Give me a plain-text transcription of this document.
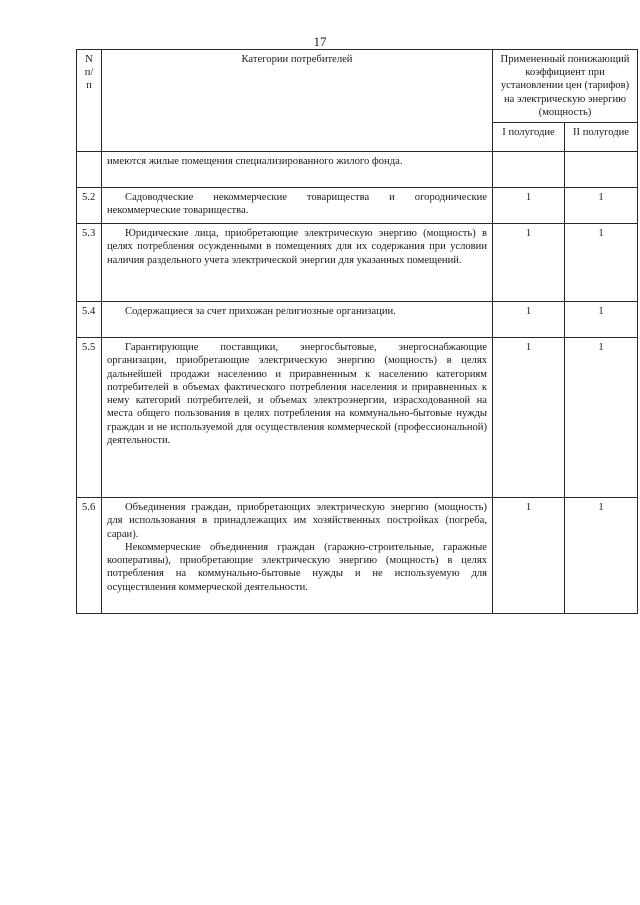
17
N п/п	Категории потребителей	Примененный понижающий коэффициент при установлении цен (тарифов) на электрическую энергию (мощность)	
		I полугодие	II полугодие

	имеются жилые помещения специализированного жилого фонда.		

5.2	Садоводческие некоммерческие товарищества и огороднические некоммерческие товарищества.	1	1
5.3	Юридические лица, приобретающие электрическую энергию (мощность) в целях потребления осужденными в помещениях для их содержания при условии наличия раздельного учета электрической энергии для указанных помещений.	1	1
5.4	Содержащиеся за счет прихожан религиозные организации.	1	1
5.5	Гарантирующие поставщики, энергосбытовые, энергоснабжающие организации, приобретающие электрическую энергию (мощность) в целях дальнейшей продажи населению и приравненным к населению категориям потребителей в объемах фактического потребления населения и приравненных к нему категорий потребителей, и объемах электроэнергии, израсходованной на места общего пользования в целях потребления на коммунально-бытовые нужды граждан и не используемой для осуществления коммерческой (профессиональной) деятельности.	1	1
5.6	Объединения граждан, приобретающих электрическую энергию (мощность) для использования в принадлежащих им хозяйственных постройках (погреба, сараи).

Некоммерческие объединения граждан (гаражно-строительные, гаражные кооперативы), приобретающие электрическую энергию (мощность) в целях потребления на коммунально-бытовые нужды и не используемую для осуществления коммерческой деятельности.	1	1
